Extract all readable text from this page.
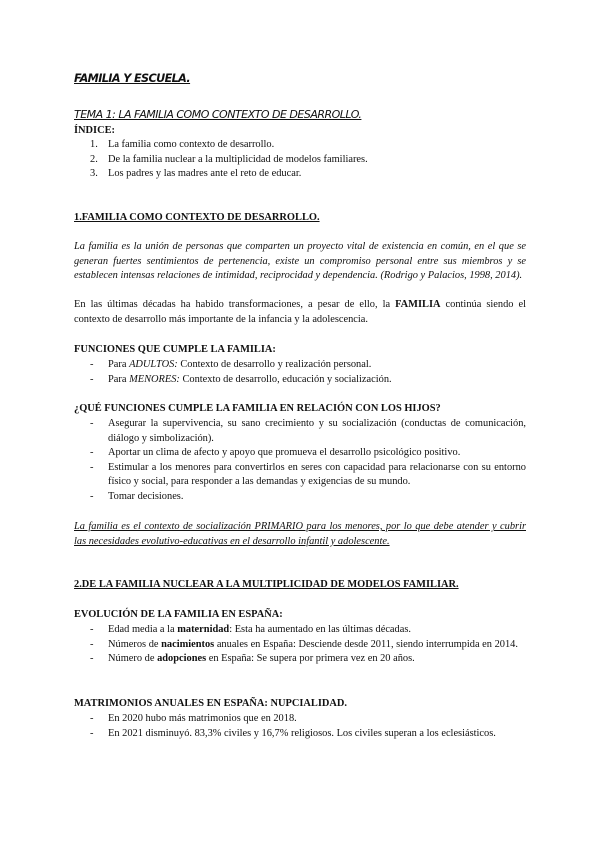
FAMILIA Y ESCUELA.
TEMA 1: LA FAMILIA COMO CONTEXTO DE DESARROLLO.
ÍNDICE:
1. La familia como contexto de desarrollo.
2. De la familia nuclear a la multiplicidad de modelos familiares.
3. Los padres y las madres ante el reto de educar.
1.FAMILIA COMO CONTEXTO DE DESARROLLO.
La familia es la unión de personas que comparten un proyecto vital de existencia en común, en el que se generan fuertes sentimientos de pertenencia, existe un compromiso personal entre sus miembros y se establecen intensas relaciones de intimidad, reciprocidad y dependencia. (Rodrigo y Palacios, 1998, 2014).
En las últimas décadas ha habido transformaciones, a pesar de ello, la FAMILIA continúa siendo el contexto de desarrollo más importante de la infancia y la adolescencia.
FUNCIONES QUE CUMPLE LA FAMILIA:
- Para ADULTOS: Contexto de desarrollo y realización personal.
- Para MENORES: Contexto de desarrollo, educación y socialización.
¿QUÉ FUNCIONES CUMPLE LA FAMILIA EN RELACIÓN CON LOS HIJOS?
- Asegurar la supervivencia, su sano crecimiento y su socialización (conductas de comunicación, diálogo y simbolización).
- Aportar un clima de afecto y apoyo que promueva el desarrollo psicológico positivo.
- Estimular a los menores para convertirlos en seres con capacidad para relacionarse con su entorno físico y social, para responder a las demandas y exigencias de su mundo.
- Tomar decisiones.
La familia es el contexto de socialización PRIMARIO para los menores, por lo que debe atender y cubrir las necesidades evolutivo-educativas en el desarrollo infantil y adolescente.
2.DE LA FAMILIA NUCLEAR A LA MULTIPLICIDAD DE MODELOS FAMILIAR.
EVOLUCIÓN DE LA FAMILIA EN ESPAÑA:
- Edad media a la maternidad: Esta ha aumentado en las últimas décadas.
- Números de nacimientos anuales en España: Desciende desde 2011, siendo interrumpida en 2014.
- Número de adopciones en España: Se supera por primera vez en 20 años.
MATRIMONIOS ANUALES EN ESPAÑA: NUPCIALIDAD.
- En 2020 hubo más matrimonios que en 2018.
- En 2021 disminuyó. 83,3% civiles y 16,7% religiosos. Los civiles superan a los eclesiásticos.
